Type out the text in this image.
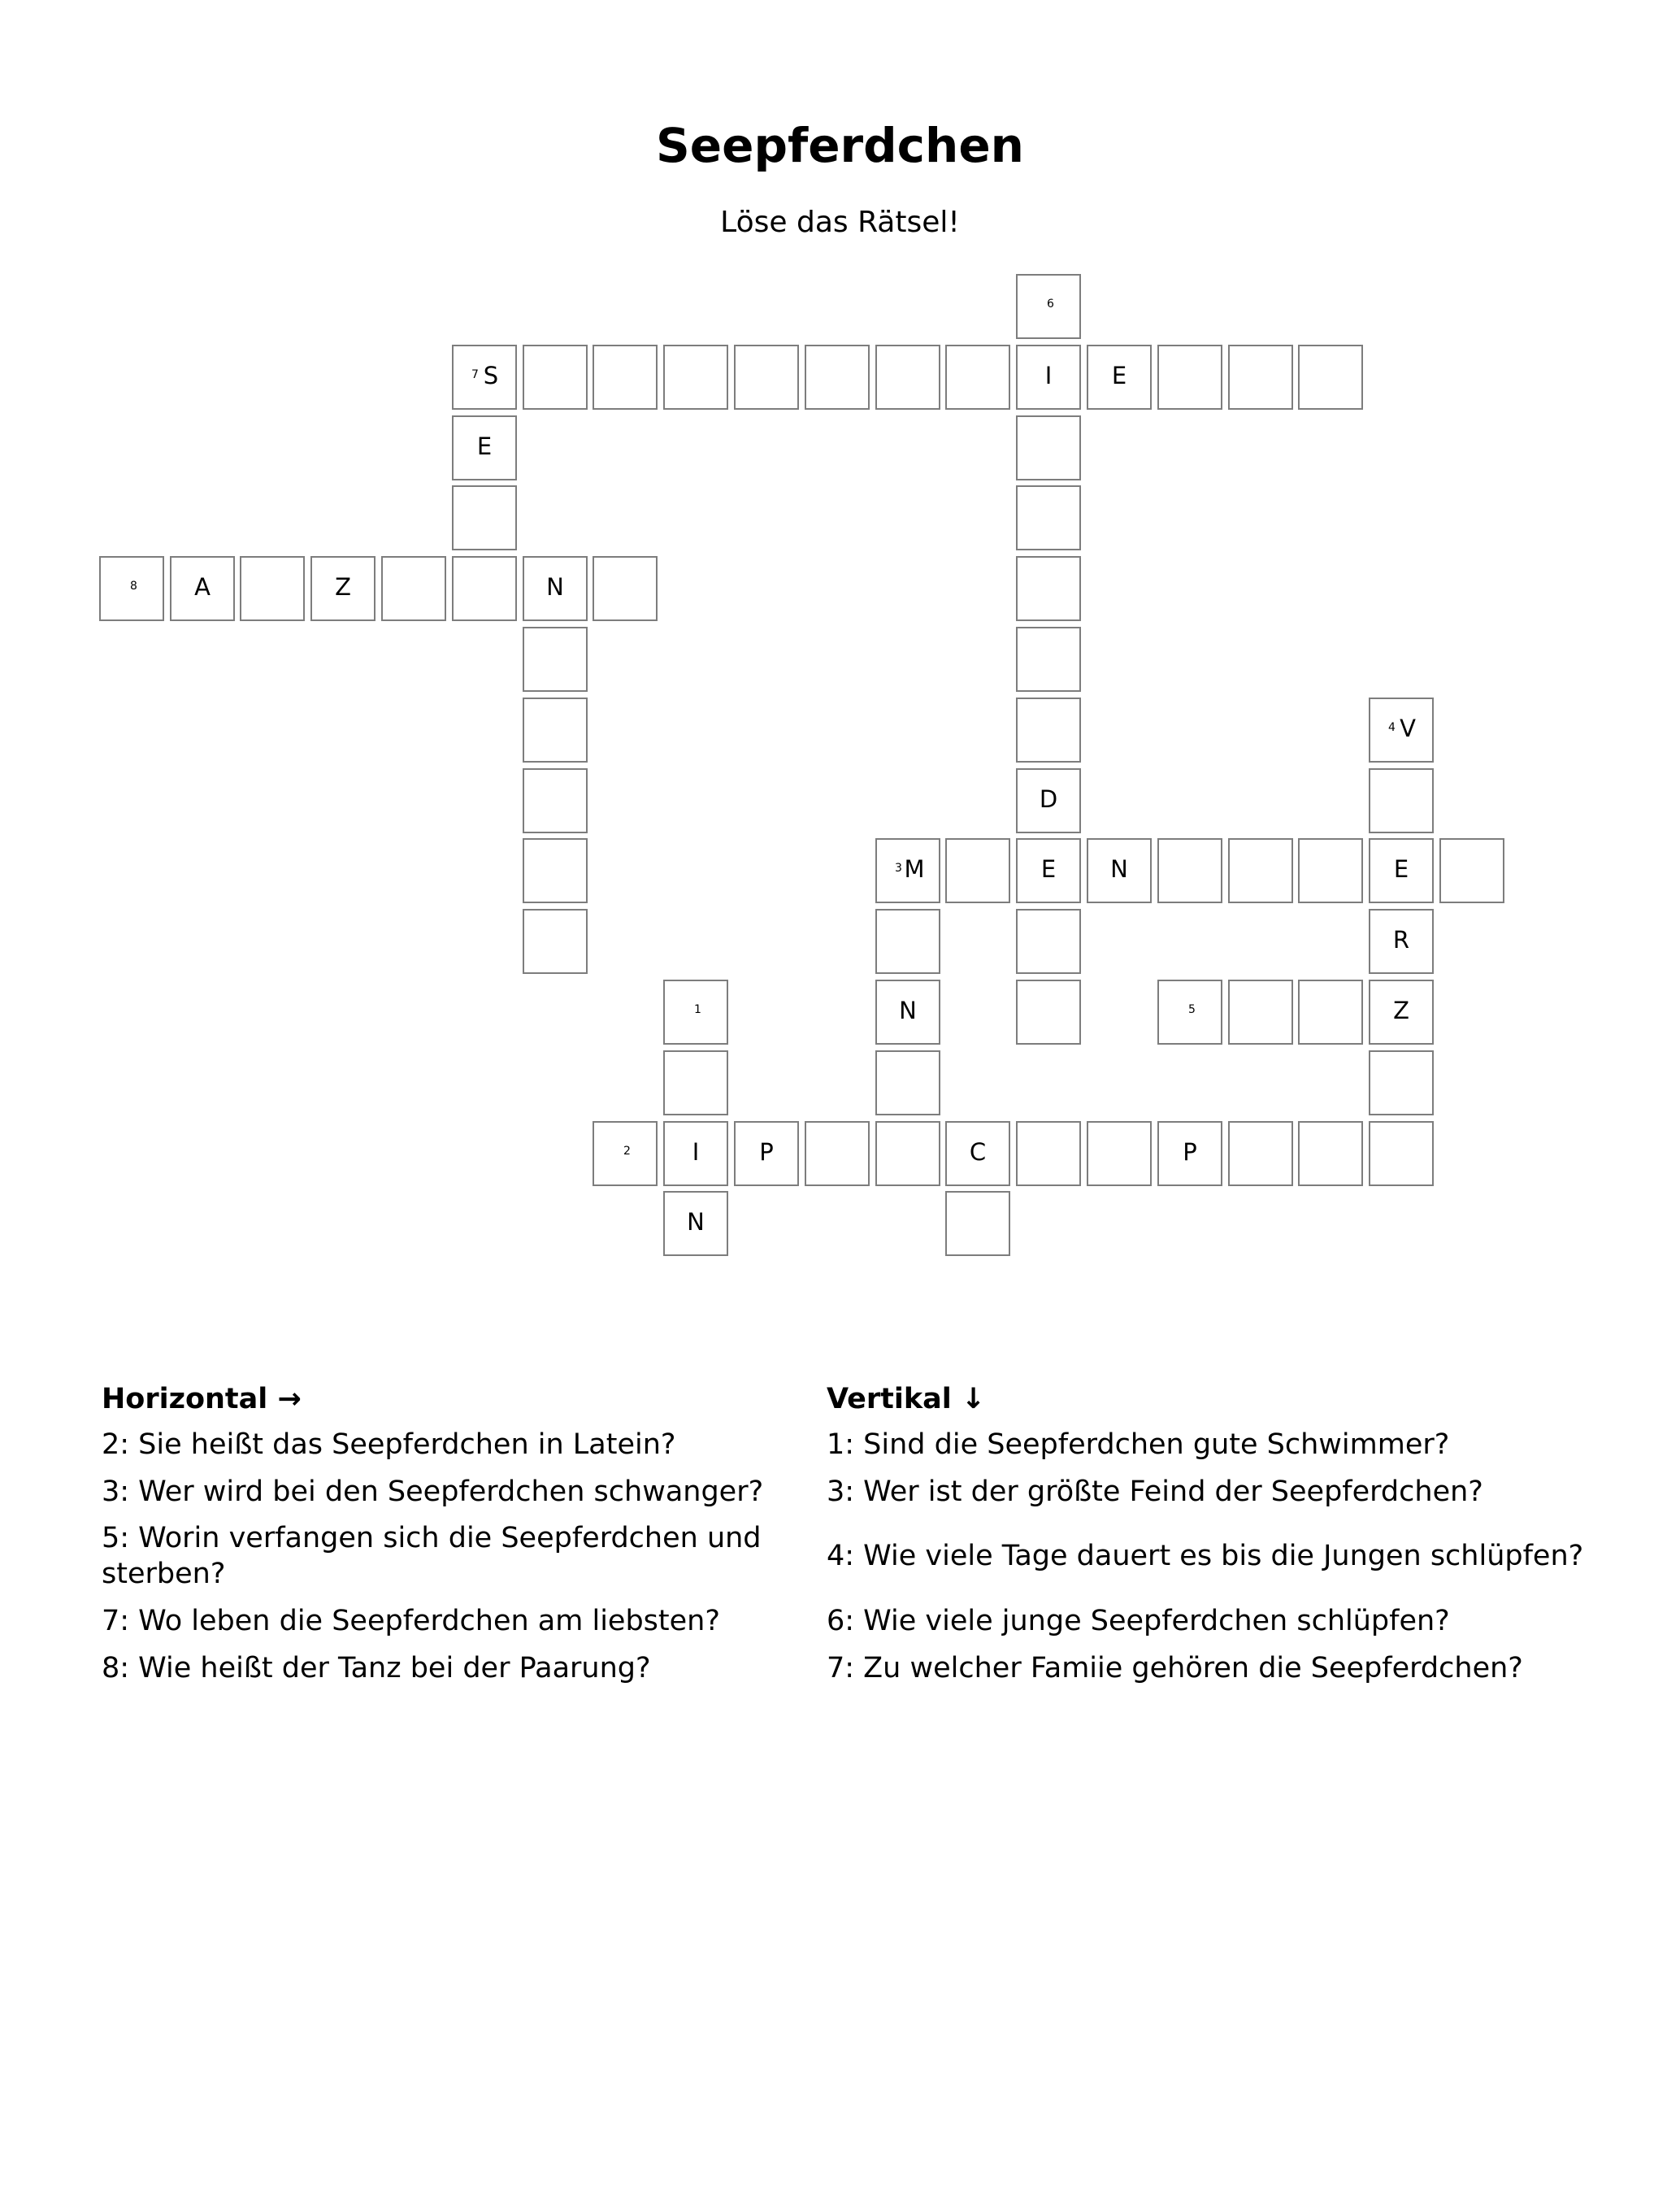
Seepferdchen
Löse das Rätsel!
6
7 S	I	E
E
8	A	Z	N
4 V
D
3 M	E	N	E
R
1	N	5	Z
2	I	P	C	P
N
Horizontal →
2: Sie heißt das Seepferdchen in Latein?
3: Wer wird bei den Seepferdchen schwanger?
5: Worin verfangen sich die Seepferdchen und sterben?
7: Wo leben die Seepferdchen am liebsten?
8: Wie heißt der Tanz bei der Paarung?
Vertikal ↓
1: Sind die Seepferdchen gute Schwimmer?
3: Wer ist der größte Feind der Seepferdchen?
4: Wie viele Tage dauert es bis die Jungen schlüpfen?
6: Wie viele junge Seepferdchen schlüpfen?
7: Zu welcher Famiie gehören die Seepferdchen?
